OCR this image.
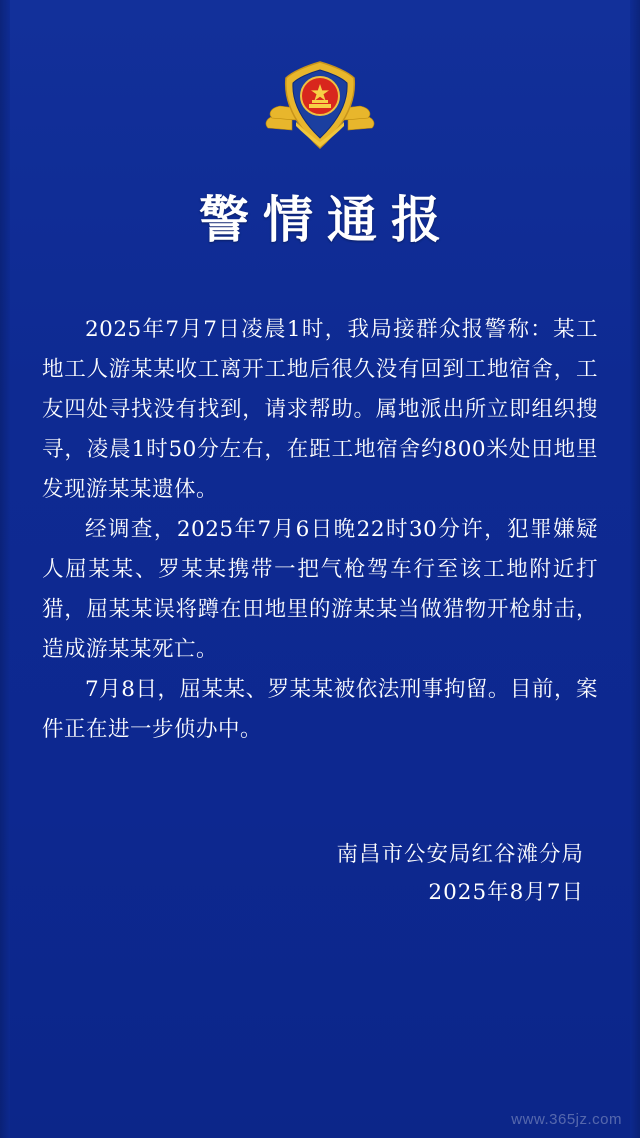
警情通报

2025年7月7日凌晨1时，我局接群众报警称：某工地工人游某某收工离开工地后很久没有回到工地宿舍，工友四处寻找没有找到，请求帮助。属地派出所立即组织搜寻，凌晨1时50分左右，在距工地宿舍约800米处田地里发现游某某遗体。

经调查，2025年7月6日晚22时30分许，犯罪嫌疑人屈某某、罗某某携带一把气枪驾车行至该工地附近打猎，屈某某误将蹲在田地里的游某某当做猎物开枪射击，造成游某某死亡。

7月8日，屈某某、罗某某被依法刑事拘留。目前，案件正在进一步侦办中。

南昌市公安局红谷滩分局
2025年8月7日
www.365jz.com
